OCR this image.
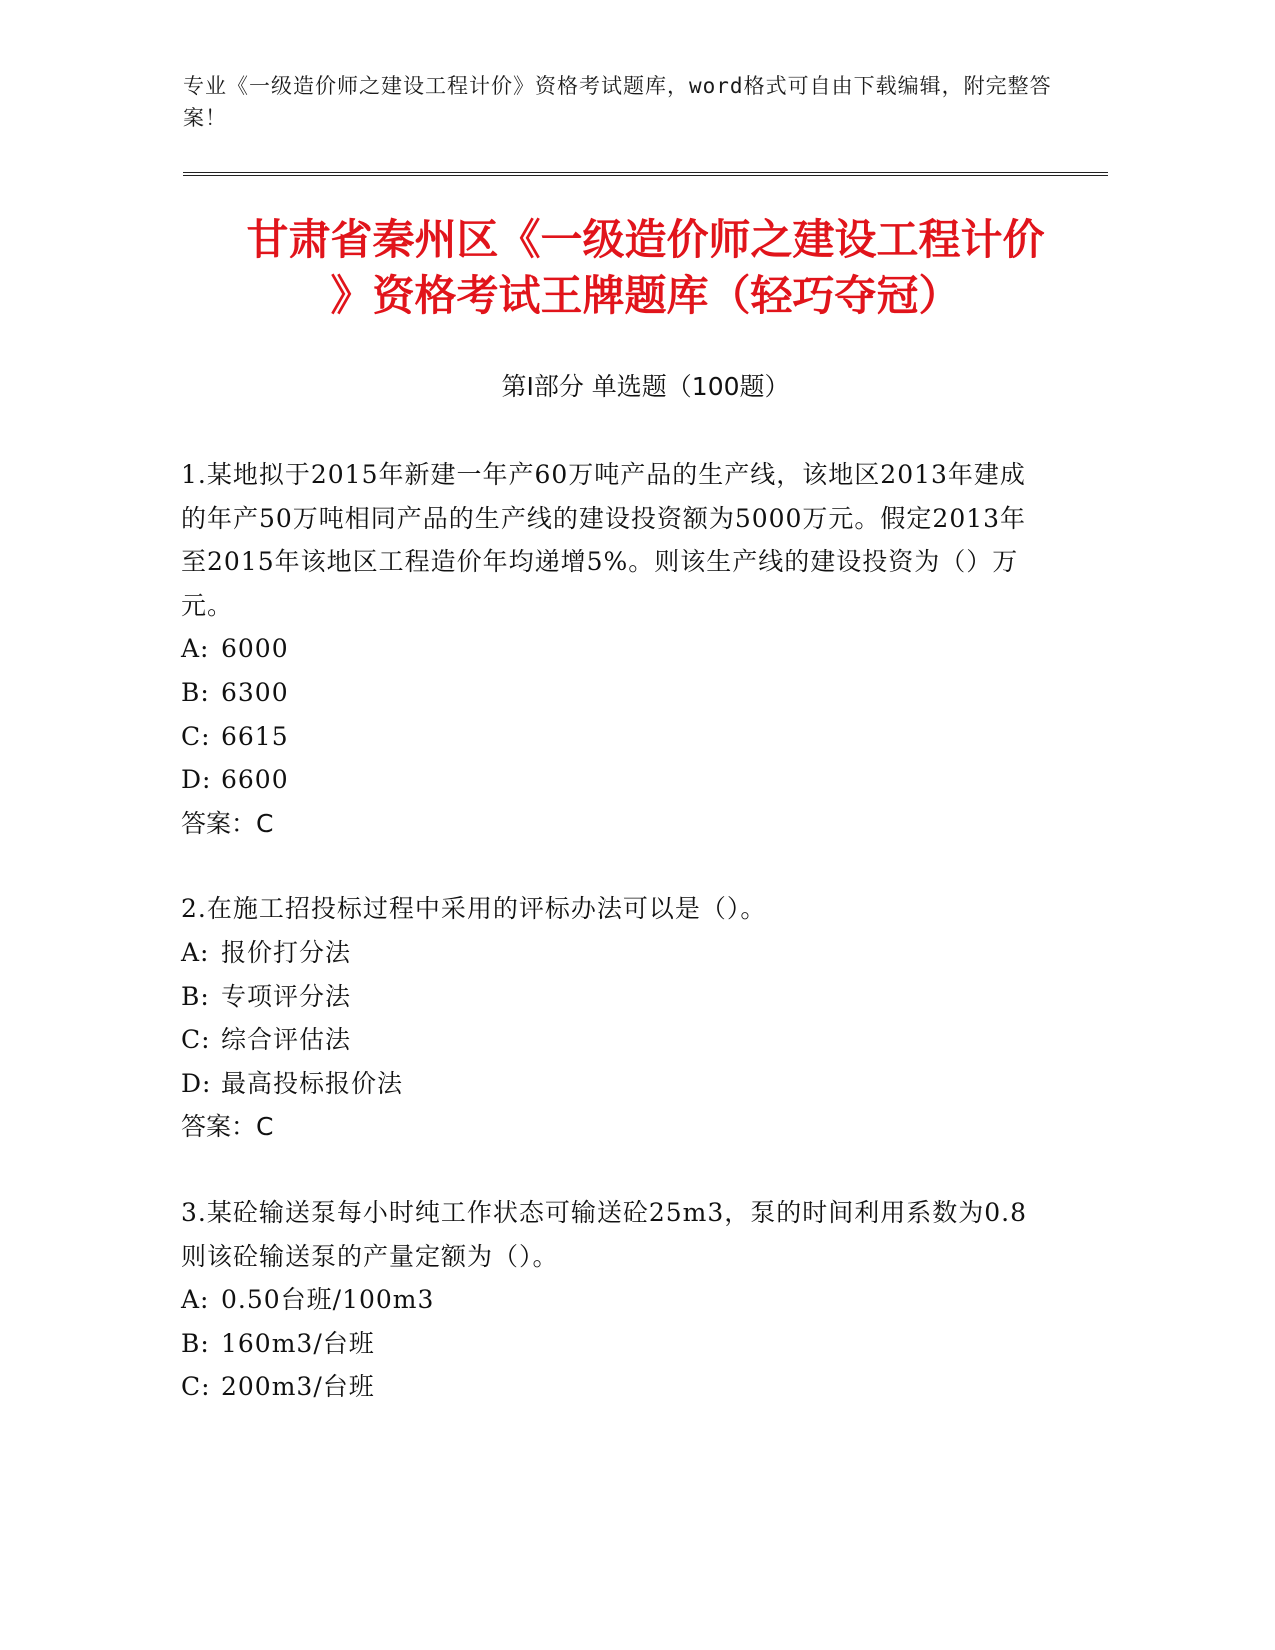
专业《一级造价师之建设工程计价》资格考试题库，word格式可自由下载编辑，附完整答案！
甘肃省秦州区《一级造价师之建设工程计价
》资格考试王牌题库（轻巧夺冠）
第Ⅰ部分 单选题（100题）

1.某地拟于2015年新建一年产60万吨产品的生产线，该地区2013年建成的年产50万吨相同产品的生产线的建设投资额为5000万元。假定2013年至2015年该地区工程造价年均递增5%。则该生产线的建设投资为（）万元。

A: 6000

B: 6300

C: 6615

D: 6600

答案：C

2.在施工招投标过程中采用的评标办法可以是（）。

A: 报价打分法

B: 专项评分法

C: 综合评估法

D: 最高投标报价法

答案：C

3.某砼输送泵每小时纯工作状态可输送砼25m3，泵的时间利用系数为0.8则该砼输送泵的产量定额为（）。

A: 0.50台班/100m3

B: 160m3/台班

C: 200m3/台班
